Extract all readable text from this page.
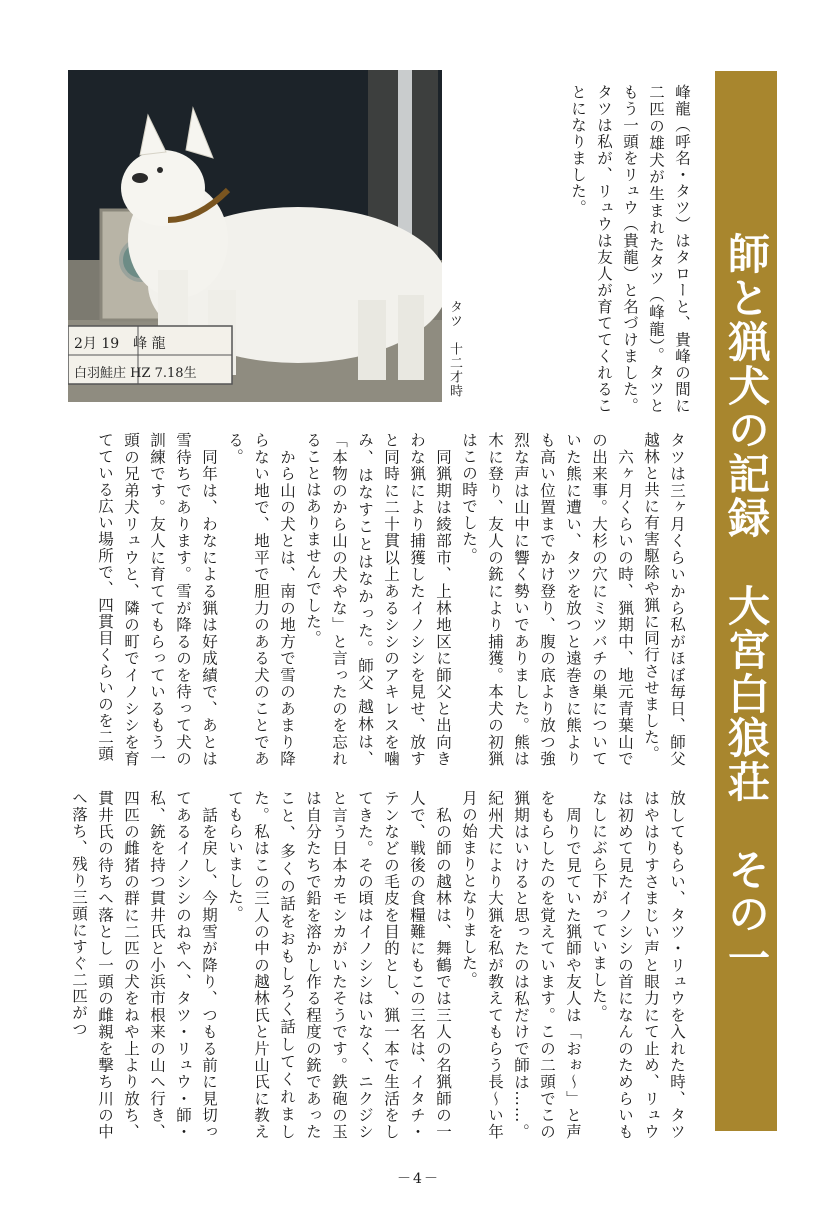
師と猟犬の記録　大宮白狼荘　その一
2月 19　峰 龍
白羽鮭庄 HZ 7.18生	タツ　十二才時	峰龍（呼名・タツ）はタローと、貴峰の間に二匹の雄犬が生まれたタツ（峰龍）。タツともう一頭をリュウ（貴龍）と名づけました。タツは私が、リュウは友人が育ててくれることになりました。
タツは三ヶ月くらいから私がほぼ毎日、師父 越林と共に有害駆除や猟に同行させました。
　六ヶ月くらいの時、猟期中、地元青葉山での出来事。大杉の穴にミツバチの巣について いた熊に遭い、タツを放つと遠巻きに熊よりも高い位置までかけ登り、腹の底より放つ強烈な声は山中に響く勢いでありました。熊は木に登り、友人の銃により捕獲。本犬の初猟はこの時でした。
　同猟期は綾部市、上林地区に師父と出向きわな猟により捕獲したイノシシを見せ、放すと同時に二十貫以上あるシシのアキレスを噛み、はなすことはなかった。師父 越林は、「本物のから山の犬やな」と言ったのを忘れることはありませんでした。
　から山の犬とは、南の地方で雪のあまり降らない地で、地平で胆力のある犬のことである。
　同年は、わなによる猟は好成績で、あとは雪待ちであります。雪が降るのを待って犬の訓練です。友人に育ててもらっているもう一頭の兄弟犬リュウと、隣の町でイノシシを育てている広い場所で、四貫目くらいのを二頭
放してもらい、タツ・リュウを入れた時、タツはやはりすさまじい声と眼力にて止め、リュウは初めて見たイノシシの首になんのためらいもなしにぶら下がっていました。
　周りで見ていた猟師や友人は「おぉ〜」と声をもらしたのを覚えています。この二頭でこの猟期はいけると思ったのは私だけで師は……。紀州犬により大猟を私が教えてもらう長〜い年月の始まりとなりました。
　私の師の越林は、舞鶴では三人の名猟師の一人で、戦後の食糧難にもこの三名は、イタチ・テンなどの毛皮を目的とし、猟一本で生活をしてきた。その頃はイノシシはいなく、ニクジシと言う日本カモシカがいたそうです。鉄砲の玉は自分たちで鉛を溶かし作る程度の銃であったこと、多くの話をおもしろく話してくれました。私はこの三人の中の越林氏と片山氏に教えてもらいました。
　話を戻し、今期雪が降り、つもる前に見切ってあるイノシシのねやへ、タツ・リュウ・師・私、銃を持つ貫井氏と小浜市根来の山へ行き、四匹の雌猪の群に二匹の犬をねや上より放ち、貫井氏の待ちへ落とし一頭の雌親を撃ち川の中へ落ち、残り三頭にすぐ二匹がつ
－4－
